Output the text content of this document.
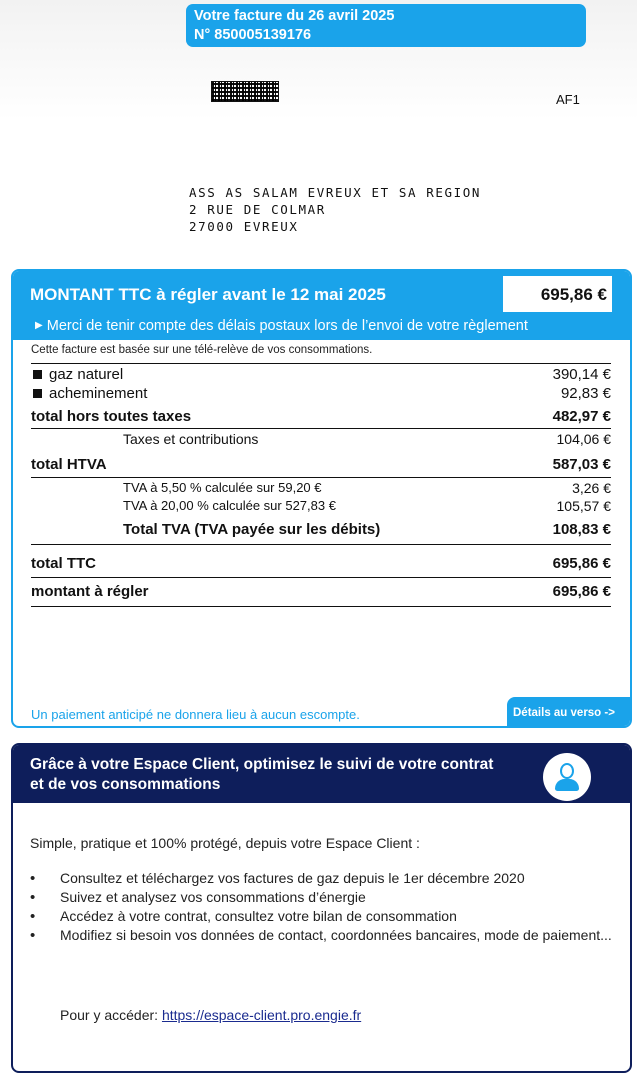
Votre facture du 26 avril 2025
N° 850005139176
AF1
ASS AS SALAM EVREUX ET SA REGION
2 RUE DE COLMAR
27000 EVREUX
MONTANT TTC à régler avant le 12 mai 2025	695,86 €
▶ Merci de tenir compte des délais postaux lors de l’envoi de votre règlement
Cette facture est basée sur une télé-relève de vos consommations.
gaz naturel	390,14 €
acheminement	92,83 €
total hors toutes taxes	482,97 €
Taxes et contributions	104,06 €
total HTVA	587,03 €
TVA à 5,50 % calculée sur 59,20 €	3,26 €
TVA à 20,00 % calculée sur 527,83 €	105,57 €
Total TVA (TVA payée sur les débits)	108,83 €
total TTC	695,86 €
montant à régler	695,86 €
Un paiement anticipé ne donnera lieu à aucun escompte.	Détails au verso ->
Grâce à votre Espace Client, optimisez le suivi de votre contrat et de vos consommations
Simple, pratique et 100% protégé, depuis votre Espace Client :
• Consultez et téléchargez vos factures de gaz depuis le 1er décembre 2020
• Suivez et analysez vos consommations d’énergie
• Accédez à votre contrat, consultez votre bilan de consommation
• Modifiez si besoin vos données de contact, coordonnées bancaires, mode de paiement...
Pour y accéder: https://espace-client.pro.engie.fr
